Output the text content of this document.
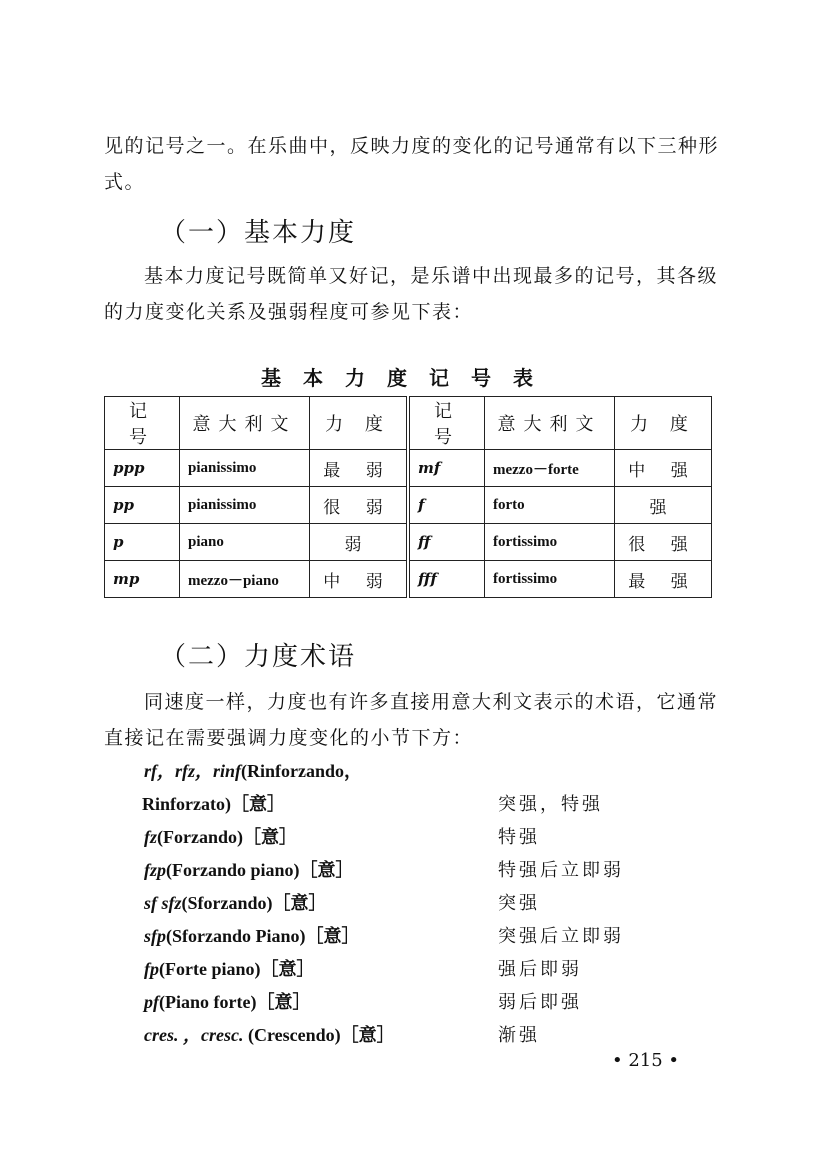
见的记号之一。在乐曲中，反映力度的变化的记号通常有以下三种形式。

（一）基本力度

基本力度记号既简单又好记，是乐谱中出现最多的记号，其各级的力度变化关系及强弱程度可参见下表：

基本力度记号表
记 号	意大利文	力 度	记 号	意大利文	力 度
ppp	pianissimo	最 弱	mf	mezzo－forte	中 强
pp	pianissimo	很 弱	f	forto	强
p	piano	弱	ff	fortissimo	很 强
mp	mezzo－piano	中 弱	fff	fortissimo	最 强
（二）力度术语

同速度一样，力度也有许多直接用意大利文表示的术语，它通常直接记在需要强调力度变化的小节下方：

rf，rfz，rinf(Rinforzando，
Rinforzato)［意］	突强，特强
fz(Forzando)［意］	特强
fzp(Forzando piano)［意］	特强后立即弱
sf sfz(Sforzando)［意］	突强
sfp(Sforzando Piano)［意］	突强后立即弱
fp(Forte piano)［意］	强后即弱
pf(Piano forte)［意］	弱后即强
cres. ，cresc. (Crescendo)［意］	渐强

• 215 •
